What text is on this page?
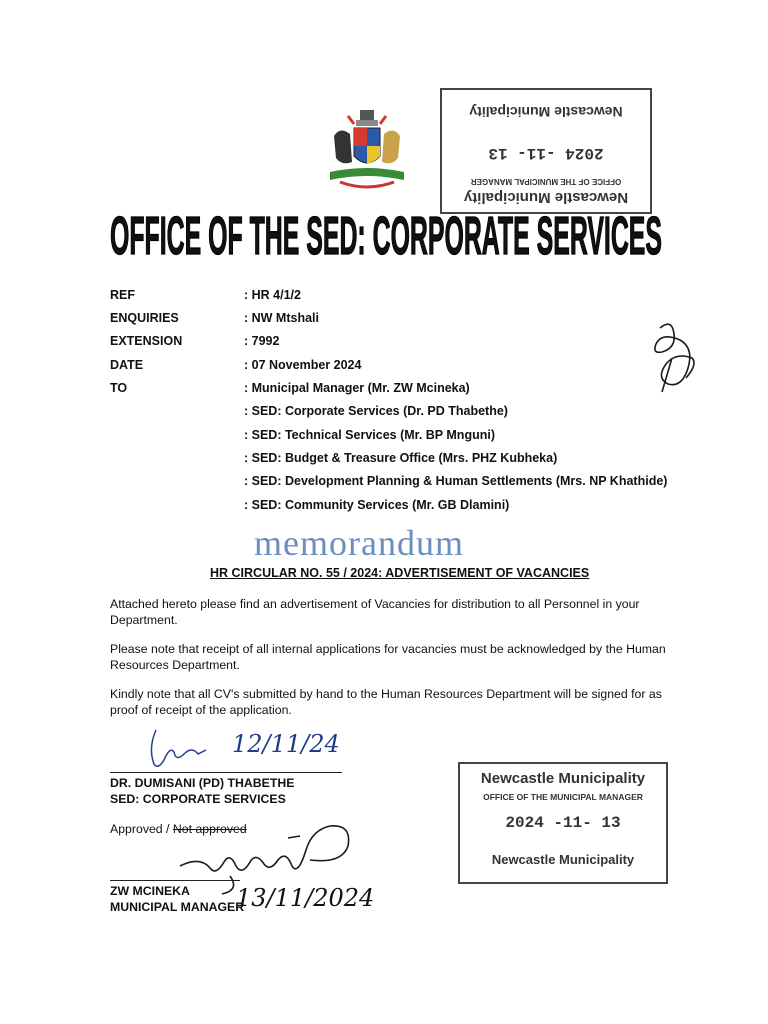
Newcastle Municipality
OFFICE OF THE MUNICIPAL MANAGER
2024 -11- 13
Newcastle Municipality
OFFICE OF THE SED: CORPORATE SERVICES
REF	: HR 4/1/2
ENQUIRIES	: NW Mtshali
EXTENSION	: 7992
DATE	: 07 November 2024
TO	: Municipal Manager (Mr. ZW Mcineka)
: SED: Corporate Services (Dr. PD Thabethe)
: SED: Technical Services (Mr. BP Mnguni)
: SED: Budget & Treasure Office (Mrs. PHZ Kubheka)
: SED: Development Planning & Human Settlements (Mrs. NP Khathide)
: SED: Community Services (Mr. GB Dlamini)
memorandum
HR CIRCULAR NO. 55 / 2024: ADVERTISEMENT OF VACANCIES
Attached hereto please find an advertisement of Vacancies for distribution to all Personnel in your Department.
Please note that receipt of all internal applications for vacancies must be acknowledged by the Human Resources Department.
Kindly note that all CV's submitted by hand to the Human Resources Department will be signed for as proof of receipt of the application.
12/11/24
DR. DUMISANI (PD) THABETHE
SED: CORPORATE SERVICES
Approved / Not approved
13/11/2024
ZW MCINEKA
MUNICIPAL MANAGER
Newcastle Municipality
OFFICE OF THE MUNICIPAL MANAGER
2024 -11- 13
Newcastle Municipality
